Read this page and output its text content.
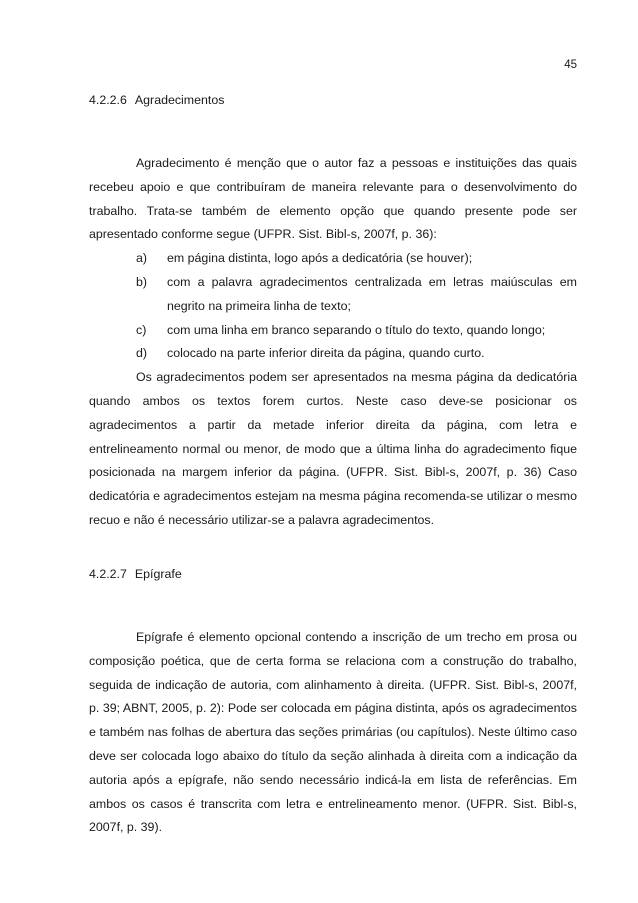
45
4.2.2.6 Agradecimentos

Agradecimento é menção que o autor faz a pessoas e instituições das quais recebeu apoio e que contribuíram de maneira relevante para o desenvolvimento do trabalho. Trata-se também de elemento opção que quando presente pode ser apresentado conforme segue (UFPR. Sist. Bibl-s, 2007f, p. 36):

a)	em página distinta, logo após a dedicatória (se houver);
b)	com a palavra agradecimentos centralizada em letras maiúsculas em negrito na primeira linha de texto;
c)	com uma linha em branco separando o título do texto, quando longo;
d)	colocado na parte inferior direita da página, quando curto.

Os agradecimentos podem ser apresentados na mesma página da dedicatória quando ambos os textos forem curtos. Neste caso deve-se posicionar os agradecimentos a partir da metade inferior direita da página, com letra e entrelineamento normal ou menor, de modo que a última linha do agradecimento fique posicionada na margem inferior da página. (UFPR. Sist. Bibl-s, 2007f, p. 36) Caso dedicatória e agradecimentos estejam na mesma página recomenda-se utilizar o mesmo recuo e não é necessário utilizar-se a palavra agradecimentos.

4.2.2.7 Epígrafe

Epígrafe é elemento opcional contendo a inscrição de um trecho em prosa ou composição poética, que de certa forma se relaciona com a construção do trabalho, seguida de indicação de autoria, com alinhamento à direita. (UFPR. Sist. Bibl-s, 2007f, p. 39; ABNT, 2005, p. 2): Pode ser colocada em página distinta, após os agradecimentos e também nas folhas de abertura das seções primárias (ou capítulos). Neste último caso deve ser colocada logo abaixo do título da seção alinhada à direita com a indicação da autoria após a epígrafe, não sendo necessário indicá-la em lista de referências. Em ambos os casos é transcrita com letra e entrelineamento menor. (UFPR. Sist. Bibl-s, 2007f, p. 39).
